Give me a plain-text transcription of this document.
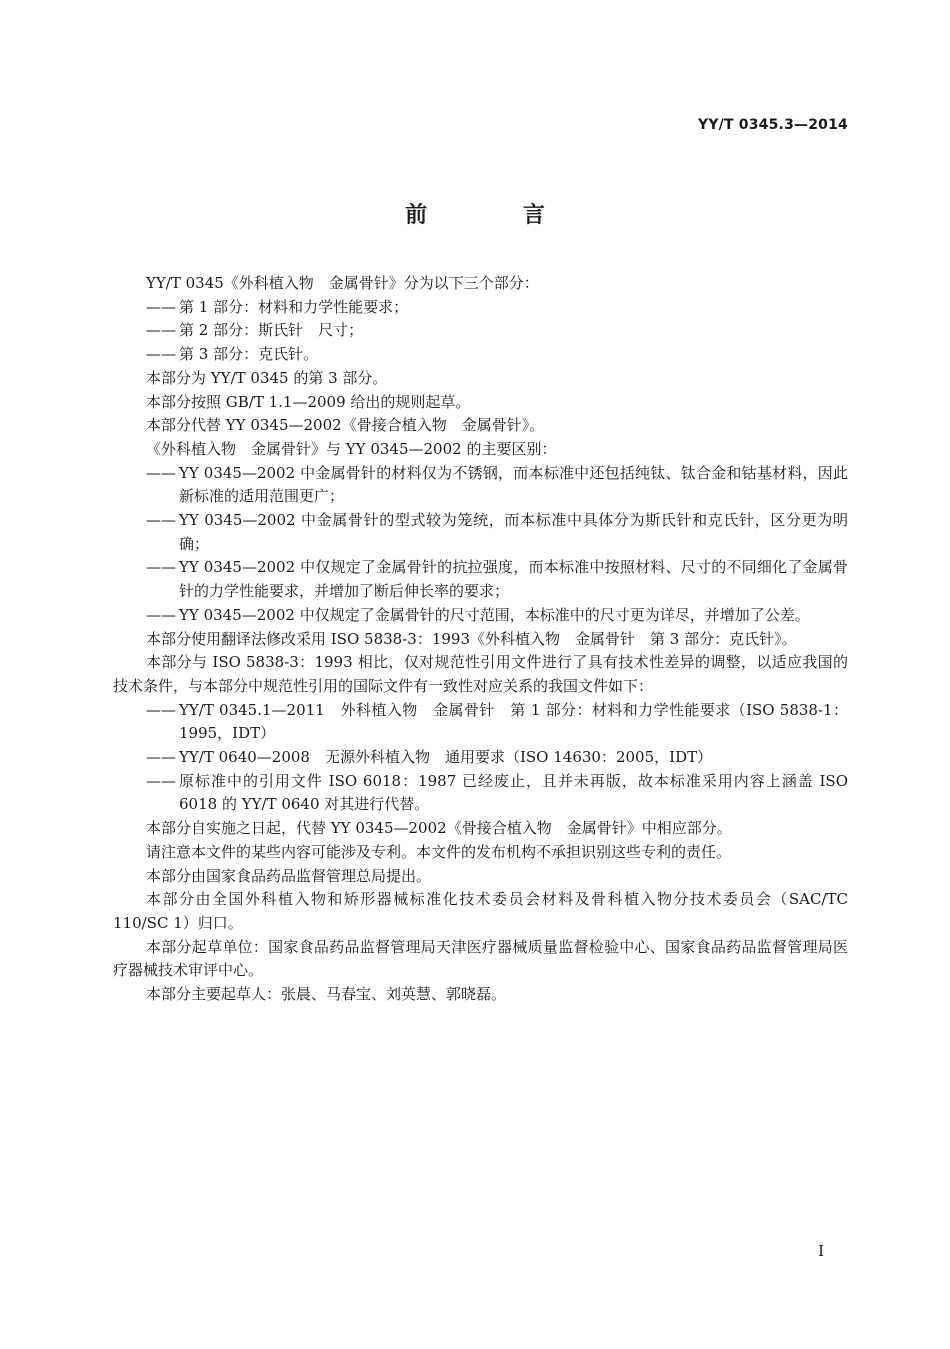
YY/T 0345.3—2014
前 言

YY/T 0345《外科植入物　金属骨针》分为以下三个部分：

—— 第 1 部分：材料和力学性能要求；
—— 第 2 部分：斯氏针　尺寸；
—— 第 3 部分：克氏针。

本部分为 YY/T 0345 的第 3 部分。

本部分按照 GB/T 1.1—2009 给出的规则起草。

本部分代替 YY 0345—2002《骨接合植入物　金属骨针》。

《外科植入物　金属骨针》与 YY 0345—2002 的主要区别：

—— YY 0345—2002 中金属骨针的材料仅为不锈钢，而本标准中还包括纯钛、钛合金和钴基材料，因此新标准的适用范围更广；
—— YY 0345—2002 中金属骨针的型式较为笼统，而本标准中具体分为斯氏针和克氏针，区分更为明确；
—— YY 0345—2002 中仅规定了金属骨针的抗拉强度，而本标准中按照材料、尺寸的不同细化了金属骨针的力学性能要求，并增加了断后伸长率的要求；
—— YY 0345—2002 中仅规定了金属骨针的尺寸范围，本标准中的尺寸更为详尽，并增加了公差。

本部分使用翻译法修改采用 ISO 5838-3：1993《外科植入物　金属骨针　第 3 部分：克氏针》。

本部分与 ISO 5838-3：1993 相比，仅对规范性引用文件进行了具有技术性差异的调整，以适应我国的技术条件，与本部分中规范性引用的国际文件有一致性对应关系的我国文件如下：

—— YY/T 0345.1—2011　外科植入物　金属骨针　第 1 部分：材料和力学性能要求（ISO 5838-1：1995，IDT）
—— YY/T 0640—2008　无源外科植入物　通用要求（ISO 14630：2005，IDT）
—— 原标准中的引用文件 ISO 6018：1987 已经废止，且并未再版，故本标准采用内容上涵盖 ISO 6018 的 YY/T 0640 对其进行代替。

本部分自实施之日起，代替 YY 0345—2002《骨接合植入物　金属骨针》中相应部分。

请注意本文件的某些内容可能涉及专利。本文件的发布机构不承担识别这些专利的责任。

本部分由国家食品药品监督管理总局提出。

本部分由全国外科植入物和矫形器械标准化技术委员会材料及骨科植入物分技术委员会（SAC/TC 110/SC 1）归口。

本部分起草单位：国家食品药品监督管理局天津医疗器械质量监督检验中心、国家食品药品监督管理局医疗器械技术审评中心。

本部分主要起草人：张晨、马春宝、刘英慧、郭晓磊。

I
